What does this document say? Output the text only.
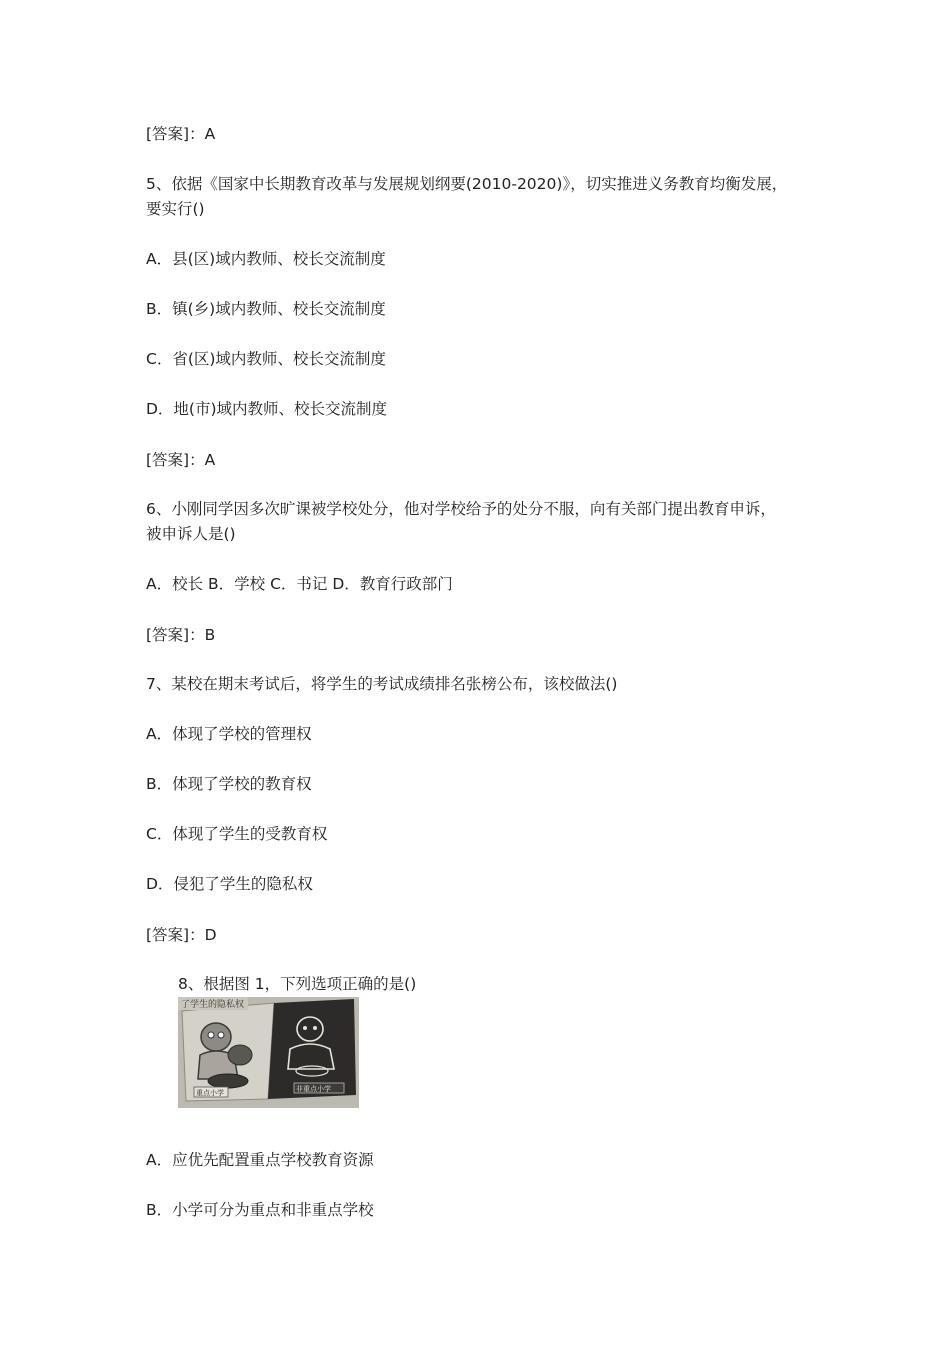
[答案]：A
5、依据《国家中长期教育改革与发展规划纲要(2010-2020)》，切实推进义务教育均衡发展，
要实行()
A．县(区)域内教师、校长交流制度
B．镇(乡)域内教师、校长交流制度
C．省(区)域内教师、校长交流制度
D．地(市)域内教师、校长交流制度
[答案]：A
6、小刚同学因多次旷课被学校处分，他对学校给予的处分不服，向有关部门提出教育申诉，
被申诉人是()
A．校长 B．学校 C．书记 D．教育行政部门
[答案]：B
7、某校在期末考试后，将学生的考试成绩排名张榜公布，该校做法()
A．体现了学校的管理权
B．体现了学校的教育权
C．体现了学生的受教育权
D．侵犯了学生的隐私权
[答案]：D
8、根据图 1，下列选项正确的是()
了学生的隐私权
重点小学	非重点小学
A．应优先配置重点学校教育资源
B．小学可分为重点和非重点学校
